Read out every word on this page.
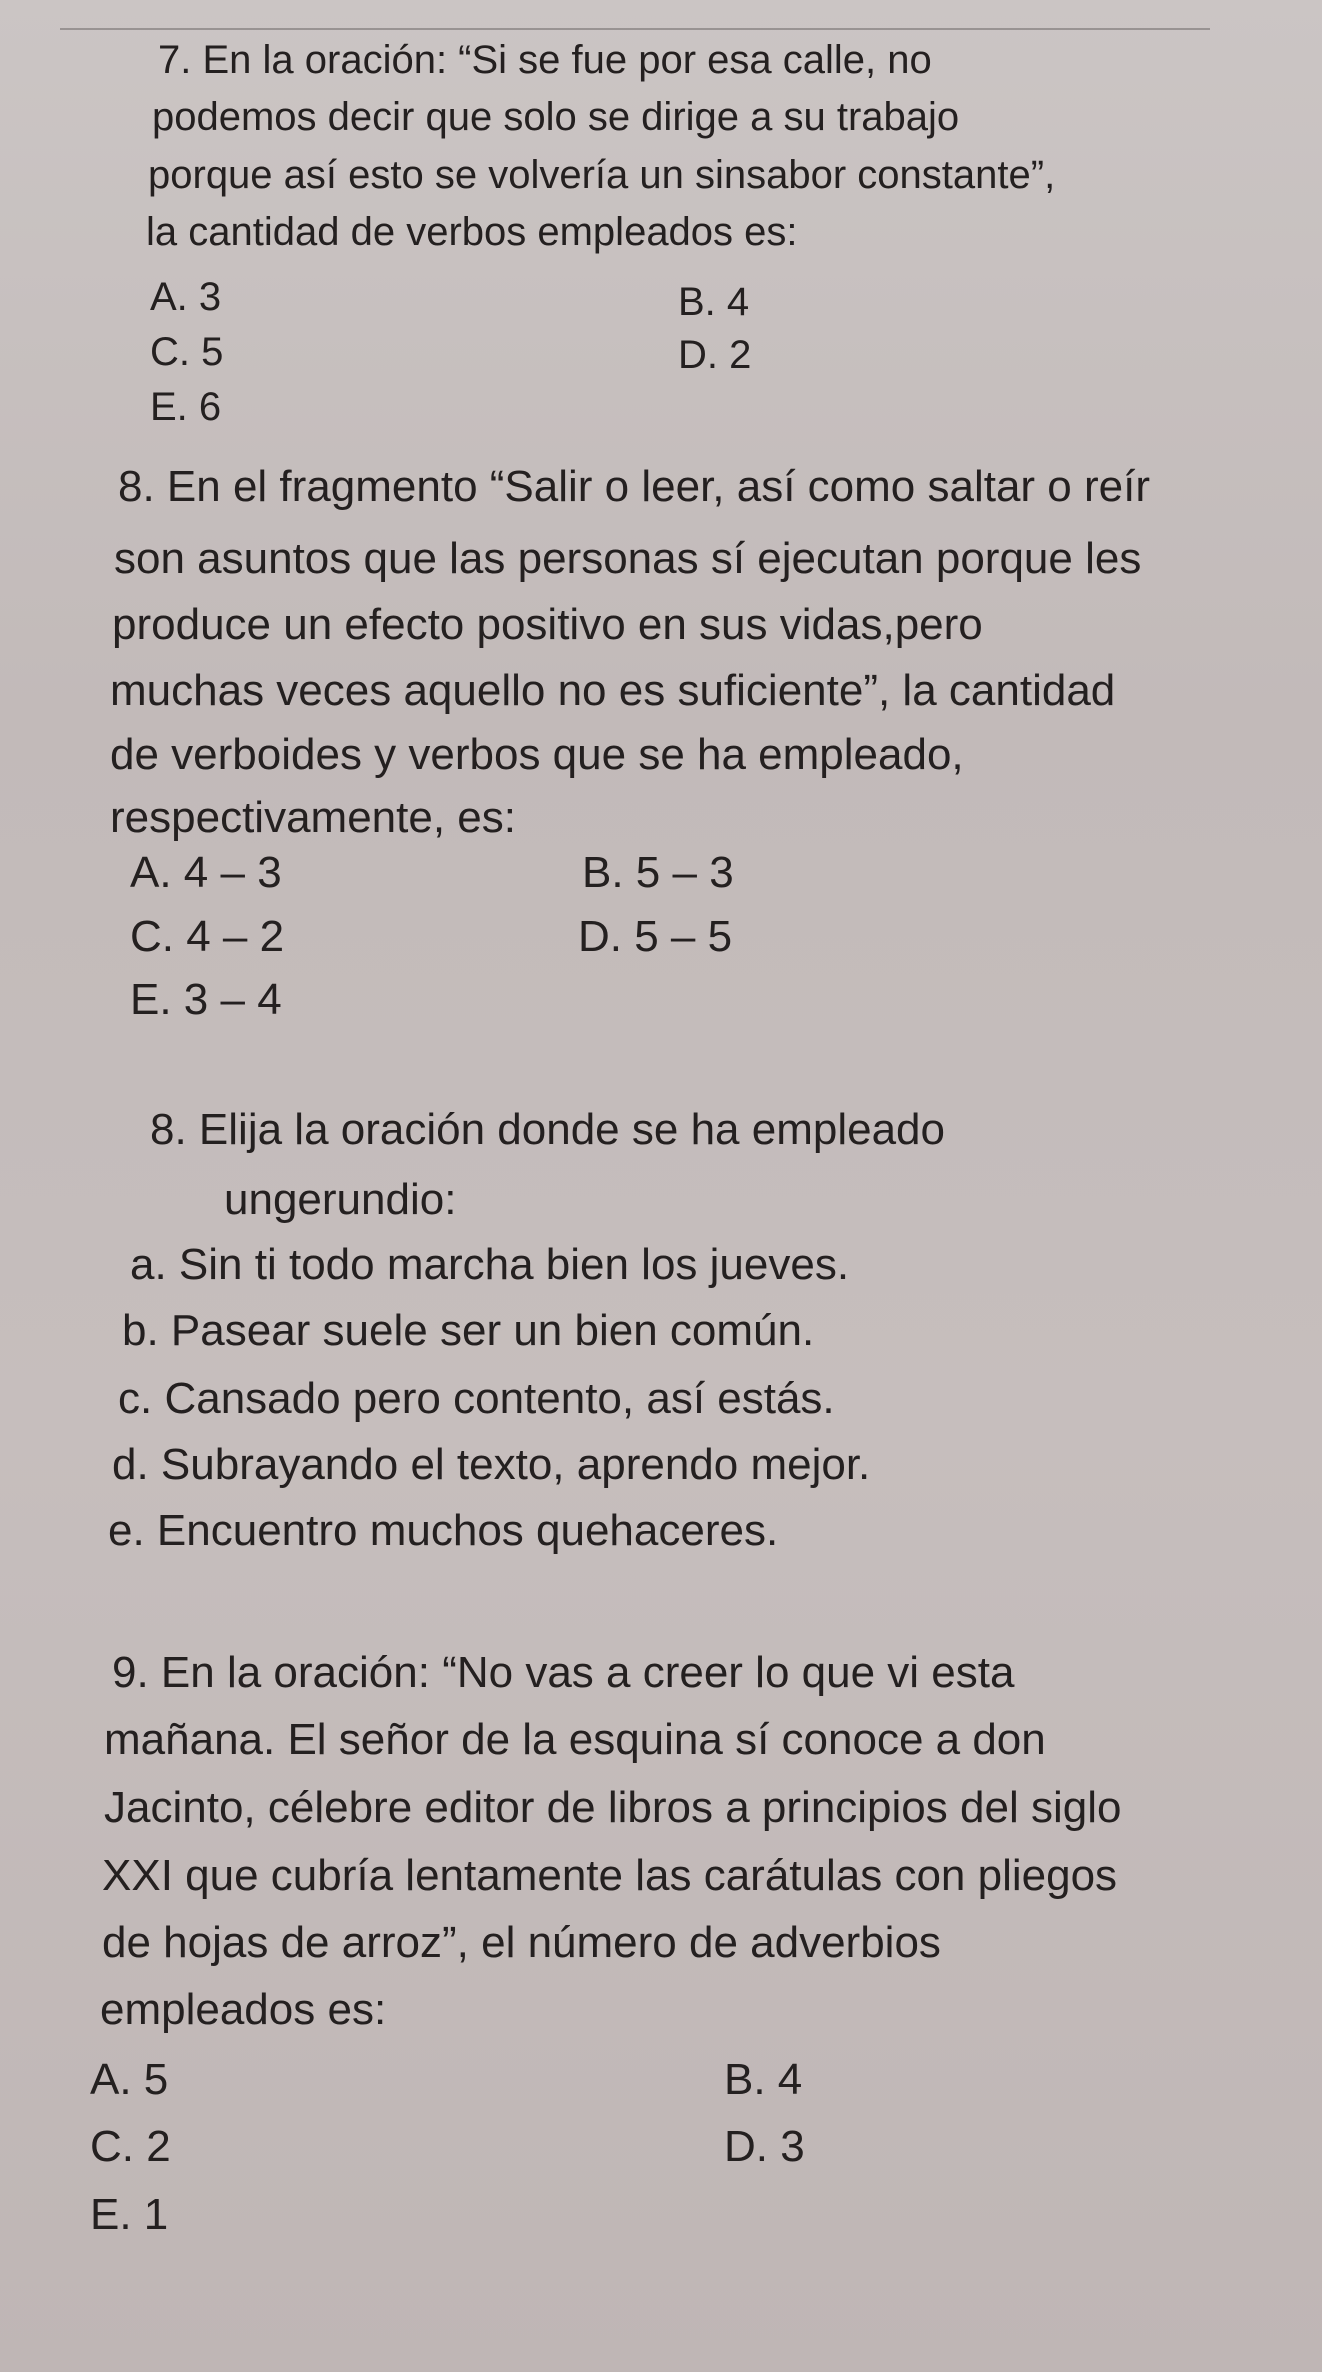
7. En la oración: “Si se fue por esa calle, no
podemos decir que solo se dirige a su trabajo
porque así esto se volvería un sinsabor constante”,
la cantidad de verbos empleados es:
A. 3	B. 4
C. 5	D. 2
E. 6
8. En el fragmento “Salir o leer, así como saltar o reír
son asuntos que las personas sí ejecutan porque les
produce un efecto positivo en sus vidas,pero
muchas veces aquello no es suficiente”, la cantidad
de verboides y verbos que se ha empleado,
respectivamente, es:
A. 4 – 3	B. 5 – 3
C. 4 – 2	D. 5 – 5
E. 3 – 4
8. Elija la oración donde se ha empleado
ungerundio:
a. Sin ti todo marcha bien los jueves.
b. Pasear suele ser un bien común.
c. Cansado pero contento, así estás.
d. Subrayando el texto, aprendo mejor.
e. Encuentro muchos quehaceres.
9. En la oración: “No vas a creer lo que vi esta
mañana. El señor de la esquina sí conoce a don
Jacinto, célebre editor de libros a principios del siglo
XXI que cubría lentamente las carátulas con pliegos
de hojas de arroz”, el número de adverbios
empleados es:
A. 5	B. 4
C. 2	D. 3
E. 1
